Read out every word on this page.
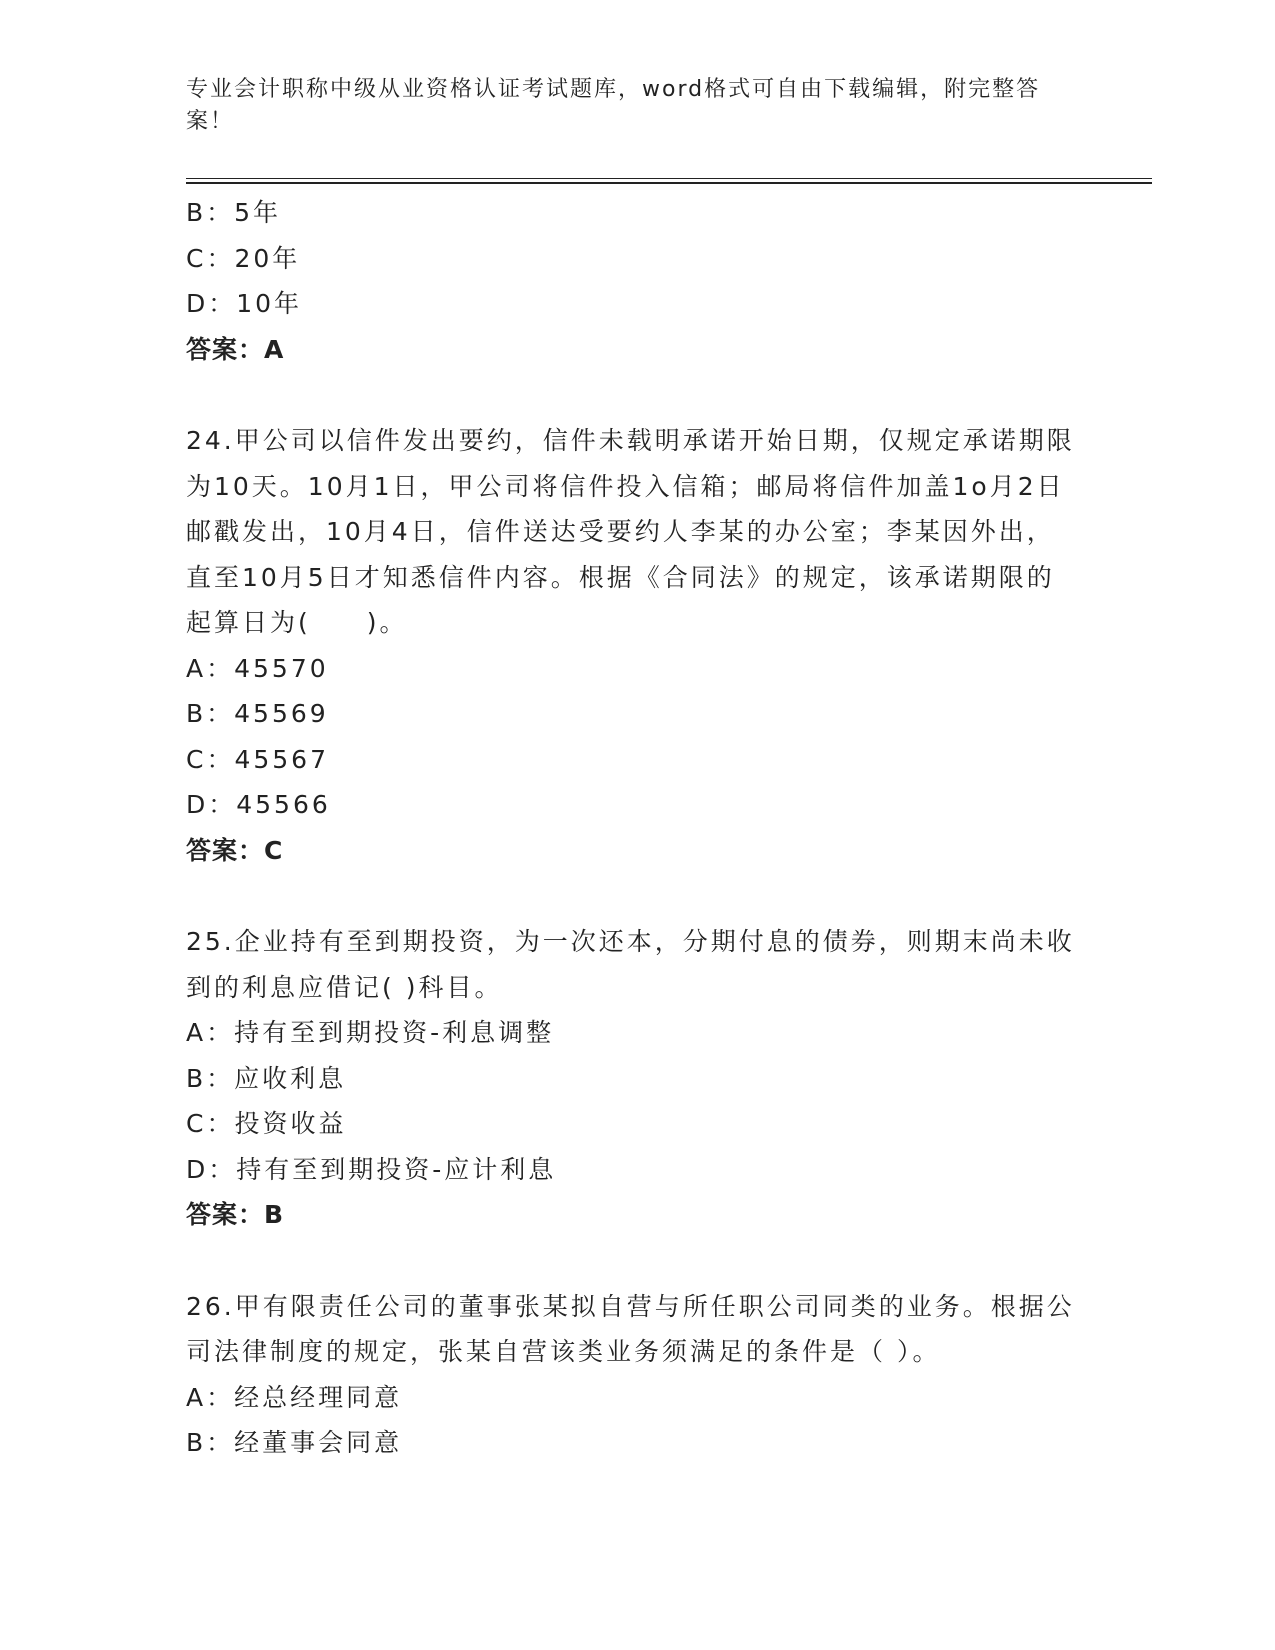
专业会计职称中级从业资格认证考试题库，word格式可自由下载编辑，附完整答案！

B：5年

C：20年

D：10年

答案：A

24.甲公司以信件发出要约，信件未载明承诺开始日期，仅规定承诺期限为10天。10月1日，甲公司将信件投入信箱；邮局将信件加盖1o月2日邮戳发出，10月4日，信件送达受要约人李某的办公室；李某因外出，直至10月5日才知悉信件内容。根据《合同法》的规定，该承诺期限的起算日为(　　)。

A：45570

B：45569

C：45567

D：45566

答案：C

25.企业持有至到期投资，为一次还本，分期付息的债券，则期末尚未收到的利息应借记( )科目。

A：持有至到期投资-利息调整

B：应收利息

C：投资收益

D：持有至到期投资-应计利息

答案：B

26.甲有限责任公司的董事张某拟自营与所任职公司同类的业务。根据公司法律制度的规定，张某自营该类业务须满足的条件是（ ）。

A：经总经理同意

B：经董事会同意
